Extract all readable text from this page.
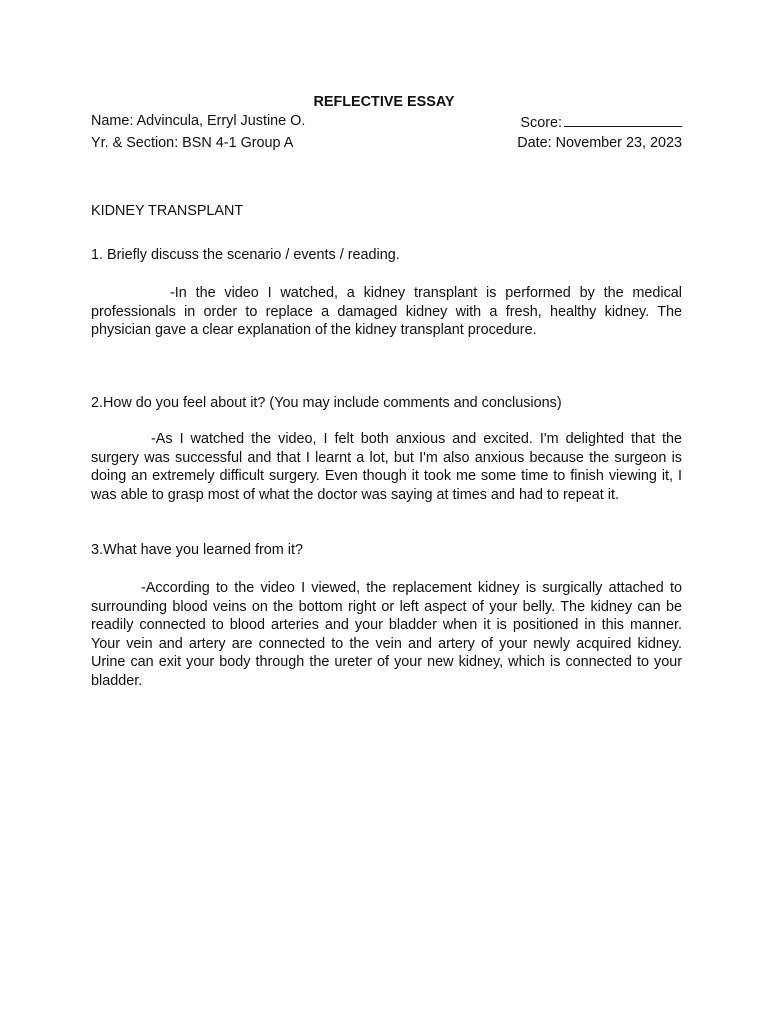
REFLECTIVE ESSAY
Name: Advincula, Erryl Justine O.	Score:
Yr. & Section: BSN 4-1 Group A	Date: November 23, 2023

KIDNEY TRANSPLANT

1. Briefly discuss the scenario / events / reading.

-In the video I watched, a kidney transplant is performed by the medical professionals in order to replace a damaged kidney with a fresh, healthy kidney. The physician gave a clear explanation of the kidney transplant procedure.

2.How do you feel about it? (You may include comments and conclusions)

-As I watched the video, I felt both anxious and excited. I'm delighted that the surgery was successful and that I learnt a lot, but I'm also anxious because the surgeon is doing an extremely difficult surgery. Even though it took me some time to finish viewing it, I was able to grasp most of what the doctor was saying at times and had to repeat it.

3.What have you learned from it?

-According to the video I viewed, the replacement kidney is surgically attached to surrounding blood veins on the bottom right or left aspect of your belly. The kidney can be readily connected to blood arteries and your bladder when it is positioned in this manner. Your vein and artery are connected to the vein and artery of your newly acquired kidney. Urine can exit your body through the ureter of your new kidney, which is connected to your bladder.
